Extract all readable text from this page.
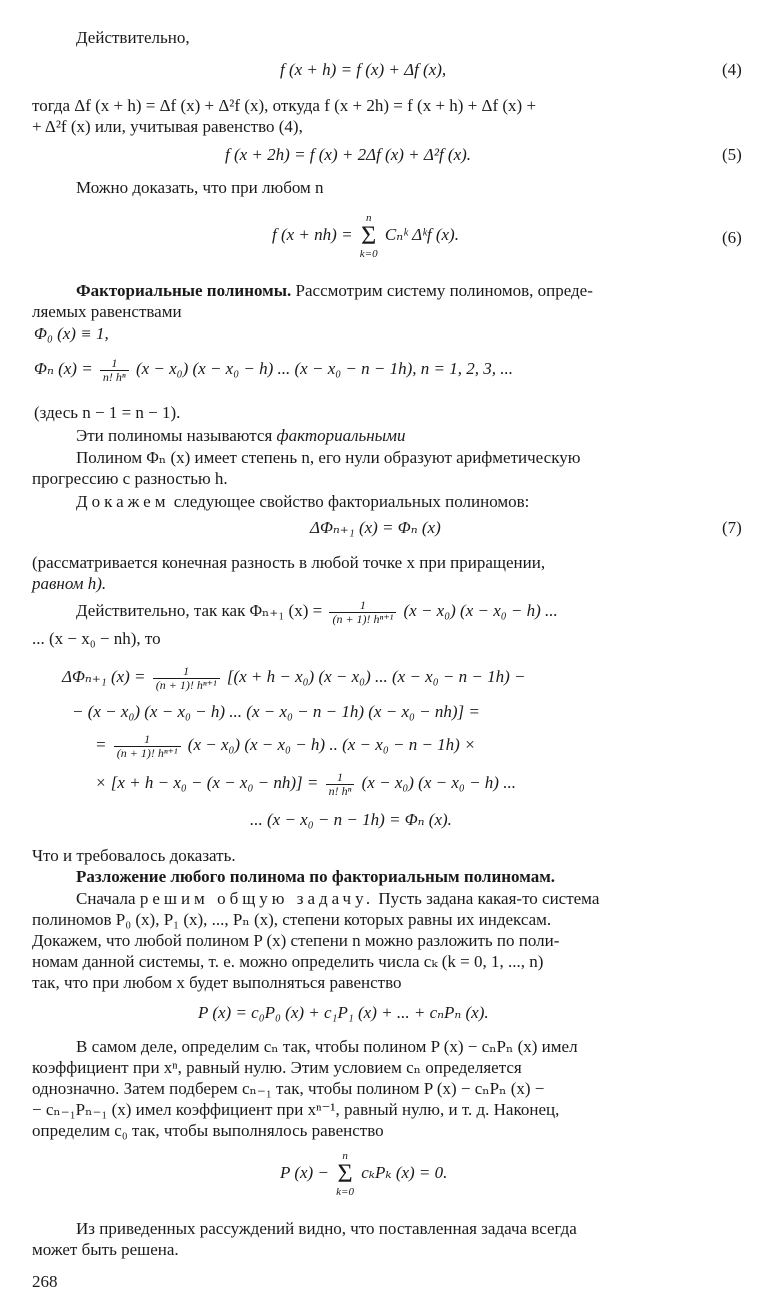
Действительно,
f (x + h) = f (x) + Δf (x),	(4)
тогда Δf (x + h) = Δf (x) + Δ²f (x), откуда f (x + 2h) = f (x + h) + Δf (x) +
+ Δ²f (x) или, учитывая равенство (4),
f (x + 2h) = f (x) + 2Δf (x) + Δ²f (x).	(5)
Можно доказать, что при любом n
f (x + nh) = n
Σ
k=0 Cₙᵏ Δᵏf (x).	(6)
Факториальные полиномы. Рассмотрим систему полиномов, опреде-
ляемых равенствами
Φ₀ (x) ≡ 1,
Φₙ $(x) = \frac{1}{\text{n! hⁿ}} (x - x_0) (x - x_0 - h)$ ... (x − x₀ − n − 1h), n = 1, 2, 3, ...
(здесь n − 1 = n − 1).
Эти полиномы называются факториальными
Полином Φₙ (x) имеет степень n, его нули образуют арифметическую
прогрессию с разностью h.
Докажем следующее свойство факториальных полиномов:
ΔΦₙ₊₁ (x) = Φₙ (x)	(7)
(рассматривается конечная разность в любой точке x при приращении,
равном h).
Действительно, так как Φₙ₊₁ $(x) = \frac{1}{\text{(n + 1)! hⁿ⁺¹}} (x - x_0) (x - x_0 - h)$ ...
... (x − x₀ − nh), то
ΔΦₙ₊₁ $(x) = \frac{1}{\text{(n + 1)! hⁿ⁺¹}} [(x + h - x_0) (x - x_0)$ ... (x − x₀ − n − 1h) −
− (x − x₀) (x − x₀ − h) ... (x − x₀ − n − 1h) (x − x₀ − nh)] =
= $\frac{1}{\text{(n + 1)! hⁿ⁺¹}} (x - x_0) (x - x_0 - h)$ .. (x − x₀ − n − 1h) ×
× $[x + h - x_0 - (x - x_0 - nh)] = \frac{1}{\text{n! hⁿ}} (x - x_0) (x - x_0 - h)$ ...
... (x − x₀ − n − 1h) = Φₙ (x).
Что и требовалось доказать.
Разложение любого полинома по факториальным полиномам.
Сначала решим общую задачу. Пусть задана какая-то система
полиномов P₀ (x), P₁ (x), ..., Pₙ (x), степени которых равны их индексам.
Докажем, что любой полином P (x) степени n можно разложить по поли-
номам данной системы, т. е. можно определить числа cₖ (k = 0, 1, ..., n)
так, что при любом x будет выполняться равенство
P (x) = c₀P₀ (x) + c₁P₁ (x) + ... + cₙPₙ (x).
В самом деле, определим cₙ так, чтобы полином P (x) − cₙPₙ (x) имел
коэффициент при xⁿ, равный нулю. Этим условием cₙ определяется
однозначно. Затем подберем cₙ₋₁ так, чтобы полином P (x) − cₙPₙ (x) −
− cₙ₋₁Pₙ₋₁ (x) имел коэффициент при xⁿ⁻¹, равный нулю, и т. д. Наконец,
определим c₀ так, чтобы выполнялось равенство
P (x) − n
Σ
k=0 cₖPₖ (x) = 0.
Из приведенных рассуждений видно, что поставленная задача всегда
может быть решена.
268
